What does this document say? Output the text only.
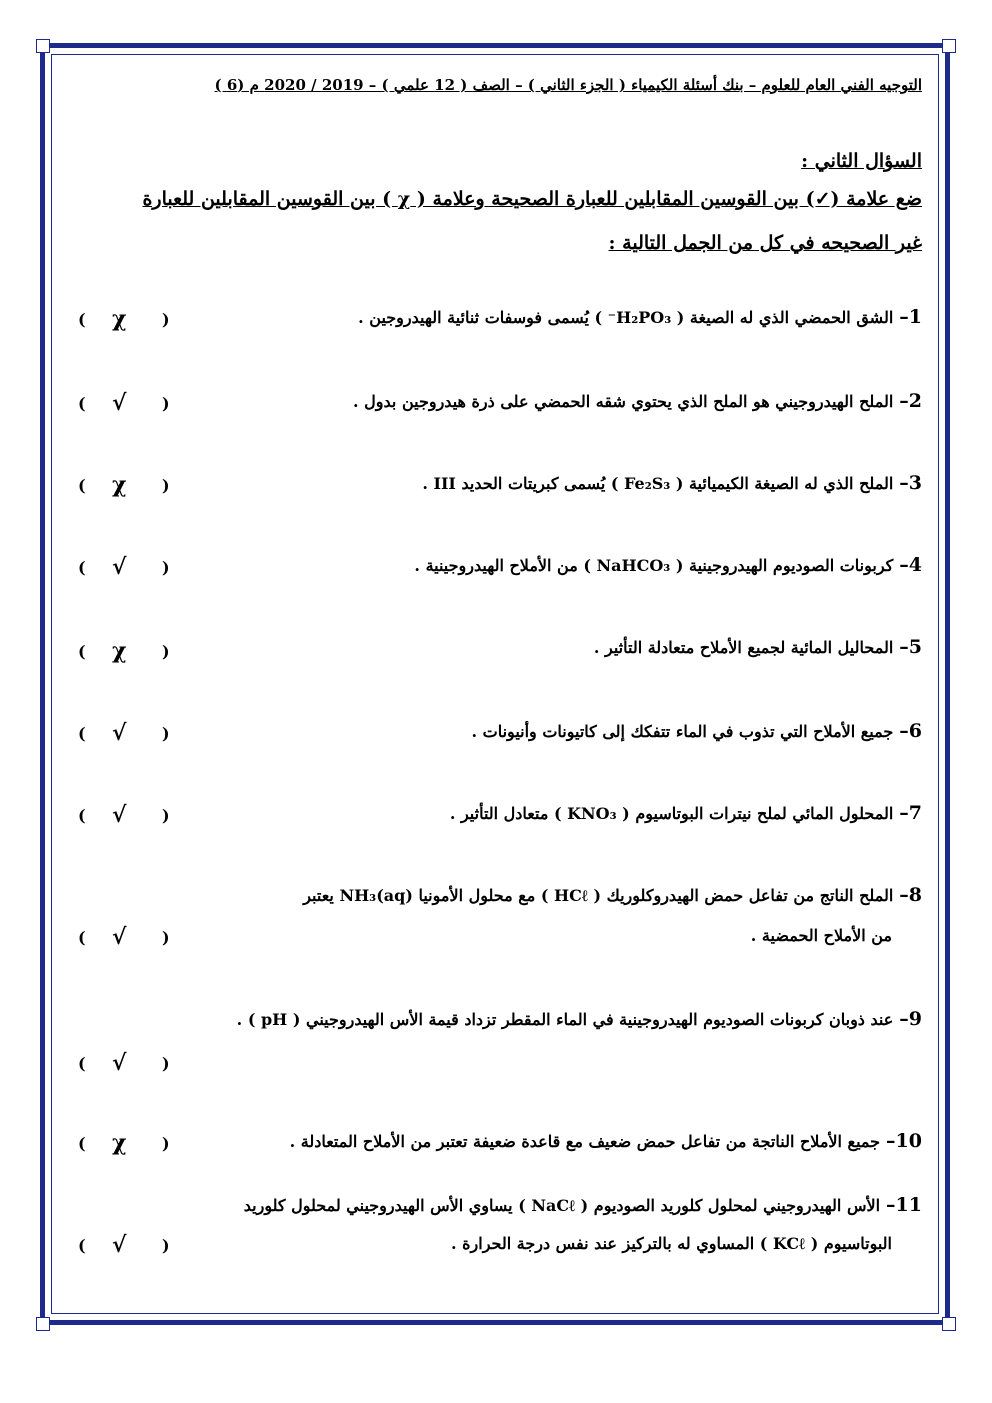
التوجيه الفني العام للعلوم – بنك أسئلة الكيمياء ( الجزء الثاني ) – الصف ( 12 علمي ) – 2019 / 2020 م (6 )
السؤال الثاني :
ضع علامة (✓) بين القوسين المقابلين للعبارة الصحيحة وعلامة ( χ ) بين القوسين المقابلين للعبارة
غير الصحيحه في كل من الجمل التالية :
1–الشق الحمضي الذي له الصيغة ( H₂PO₃⁻ ) يُسمى فوسفات ثنائية الهيدروجين .
( χ )
2–الملح الهيدروجيني هو الملح الذي يحتوي شقه الحمضي على ذرة هيدروجين بدول .
( √ )
3–الملح الذي له الصيغة الكيميائية ( Fe₂S₃ ) يُسمى كبريتات الحديد III .
( χ )
4–كربونات الصوديوم الهيدروجينية ( NaHCO₃ ) من الأملاح الهيدروجينية .
( √ )
5–المحاليل المائية لجميع الأملاح متعادلة التأثير .
( χ )
6–جميع الأملاح التي تذوب في الماء تتفكك إلى كاتيونات وأنيونات .
( √ )
7–المحلول المائي لملح نيترات البوتاسيوم ( KNO₃ ) متعادل التأثير .
( √ )
8–الملح الناتج من تفاعل حمض الهيدروكلوريك ( HCℓ ) مع محلول الأمونيا NH₃(aq) يعتبر
من الأملاح الحمضية .
( √ )
9–عند ذوبان كربونات الصوديوم الهيدروجينية في الماء المقطر تزداد قيمة الأس الهيدروجيني ( pH ) .
( √ )
10–جميع الأملاح الناتجة من تفاعل حمض ضعيف مع قاعدة ضعيفة تعتبر من الأملاح المتعادلة .
( χ )
11–الأس الهيدروجيني لمحلول كلوريد الصوديوم ( NaCℓ ) يساوي الأس الهيدروجيني لمحلول كلوريد
البوتاسيوم ( KCℓ ) المساوي له بالتركيز عند نفس درجة الحرارة .
( √ )
